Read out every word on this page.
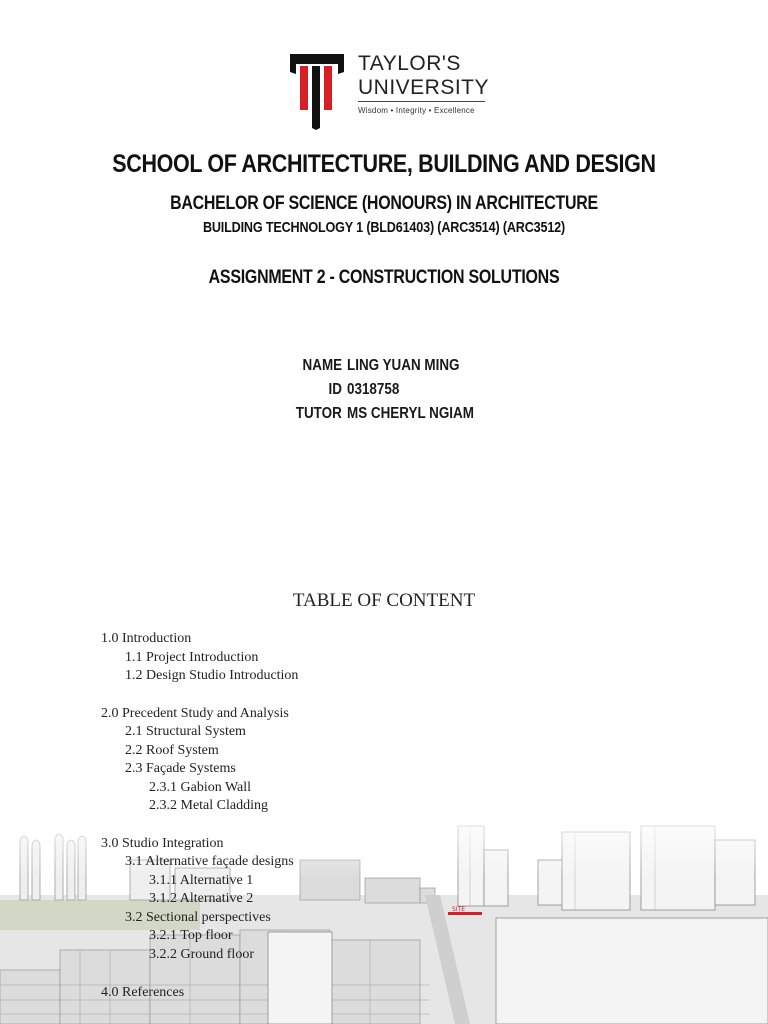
TAYLOR'S
UNIVERSITY
Wisdom • Integrity • Excellence
SCHOOL OF ARCHITECTURE, BUILDING AND DESIGN
BACHELOR OF SCIENCE (HONOURS) IN ARCHITECTURE
BUILDING TECHNOLOGY 1 (BLD61403) (ARC3514) (ARC3512)
ASSIGNMENT 2 - CONSTRUCTION SOLUTIONS
NAME LING YUAN MING
ID 0318758
TUTOR MS CHERYL NGIAM
TABLE OF CONTENT
1.0 Introduction
1.1 Project Introduction
1.2 Design Studio Introduction
2.0 Precedent Study and Analysis
2.1 Structural System
2.2 Roof System
2.3 Façade Systems
2.3.1 Gabion Wall
2.3.2 Metal Cladding
3.0 Studio Integration
3.1 Alternative façade designs
3.1.1 Alternative 1
3.1.2 Alternative 2
3.2 Sectional perspectives
3.2.1 Top floor
3.2.2 Ground floor
4.0 References
